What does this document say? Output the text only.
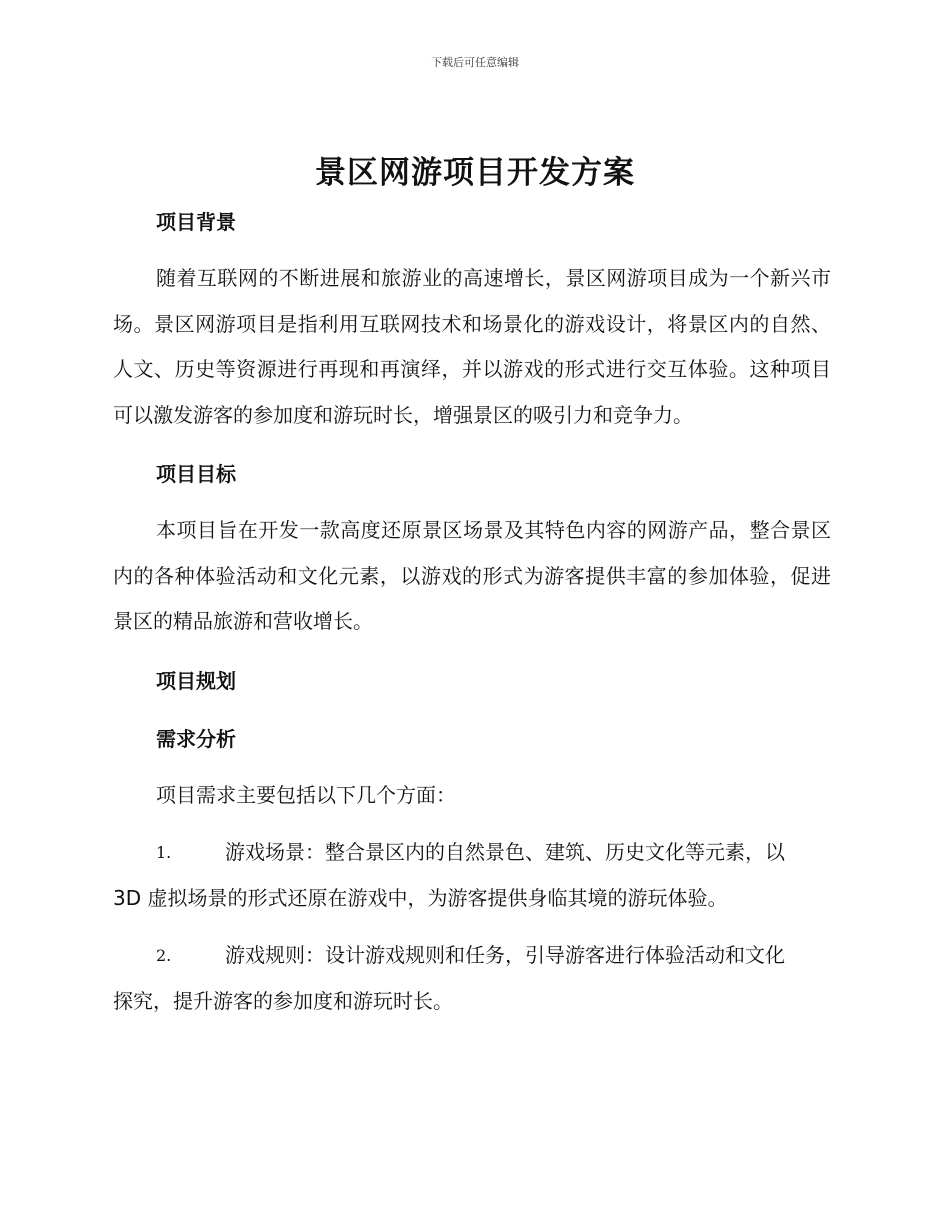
下载后可任意编辑
景区网游项目开发方案
项目背景

随着互联网的不断进展和旅游业的高速增长，景区网游项目成为一个新兴市场。景区网游项目是指利用互联网技术和场景化的游戏设计，将景区内的自然、人文、历史等资源进行再现和再演绎，并以游戏的形式进行交互体验。这种项目可以激发游客的参加度和游玩时长，增强景区的吸引力和竞争力。

项目目标

本项目旨在开发一款高度还原景区场景及其特色内容的网游产品，整合景区内的各种体验活动和文化元素，以游戏的形式为游客提供丰富的参加体验，促进景区的精品旅游和营收增长。

项目规划
需求分析

项目需求主要包括以下几个方面：

1.	游戏场景：整合景区内的自然景色、建筑、历史文化等元素，以
3D 虚拟场景的形式还原在游戏中，为游客提供身临其境的游玩体验。
2.	游戏规则：设计游戏规则和任务，引导游客进行体验活动和文化
探究，提升游客的参加度和游玩时长。
